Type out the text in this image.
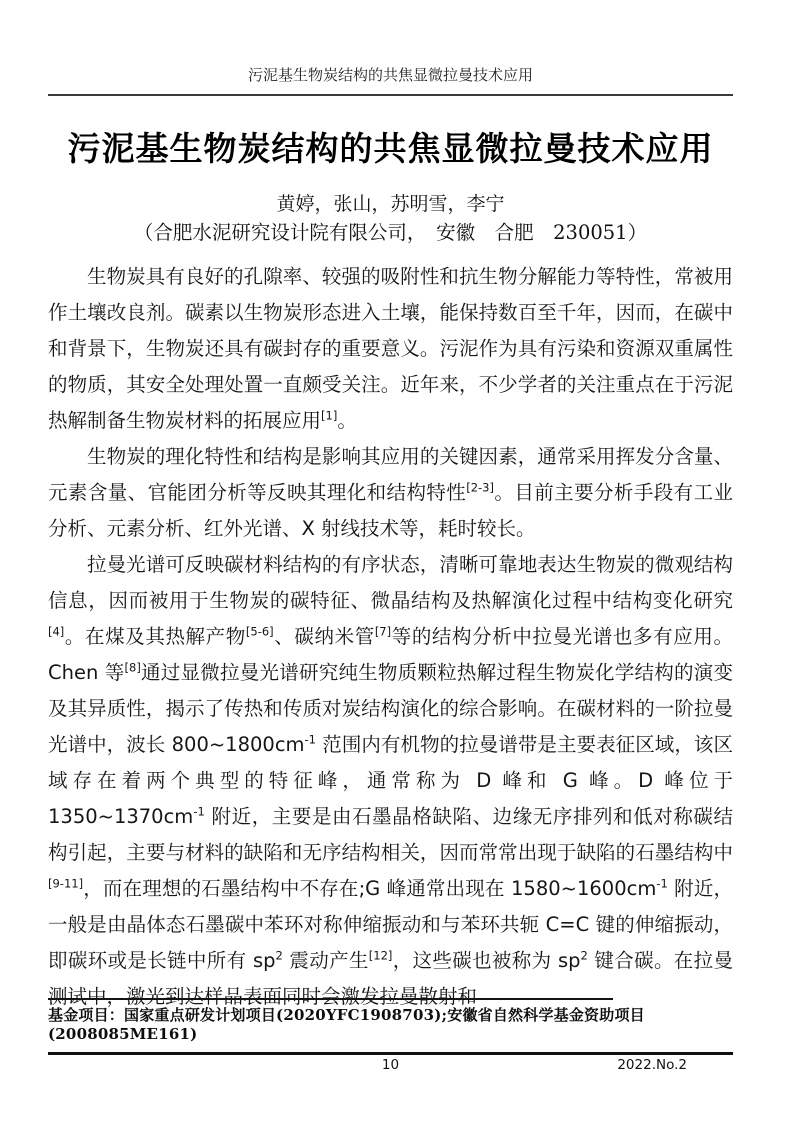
污泥基生物炭结构的共焦显微拉曼技术应用
污泥基生物炭结构的共焦显微拉曼技术应用
黄婷，张山，苏明雪，李宁
（合肥水泥研究设计院有限公司，　安徽　合肥　230051）

生物炭具有良好的孔隙率、较强的吸附性和抗生物分解能力等特性，常被用作土壤改良剂。碳素以生物炭形态进入土壤，能保持数百至千年，因而，在碳中和背景下，生物炭还具有碳封存的重要意义。污泥作为具有污染和资源双重属性的物质，其安全处理处置一直颇受关注。近年来，不少学者的关注重点在于污泥热解制备生物炭材料的拓展应用[1]。

生物炭的理化特性和结构是影响其应用的关键因素，通常采用挥发分含量、元素含量、官能团分析等反映其理化和结构特性[2-3]。目前主要分析手段有工业分析、元素分析、红外光谱、X 射线技术等，耗时较长。

拉曼光谱可反映碳材料结构的有序状态，清晰可靠地表达生物炭的微观结构信息，因而被用于生物炭的碳特征、微晶结构及热解演化过程中结构变化研究[4]。在煤及其热解产物[5-6]、碳纳米管[7]等的结构分析中拉曼光谱也多有应用。Chen 等[8]通过显微拉曼光谱研究纯生物质颗粒热解过程生物炭化学结构的演变及其异质性，揭示了传热和传质对炭结构演化的综合影响。在碳材料的一阶拉曼光谱中，波长 $800\sim 1800cm^{-1}$ 范围内有机物的拉曼谱带是主要表征区域，该区域存在着两个典型的特征峰，通常称为 D 峰和 G 峰。D 峰位于 $1350\sim 1370cm^{-1}$ 附近，主要是由石墨晶格缺陷、边缘无序排列和低对称碳结构引起，主要与材料的缺陷和无序结构相关，因而常常出现于缺陷的石墨结构中[9-11]，而在理想的石墨结构中不存在;G 峰通常出现在 $1580\sim 1600cm^{-1}$ 附近，一般是由晶体态石墨碳中苯环对称伸缩振动和与苯环共轭 C=C 键的伸缩振动，即碳环或是长链中所有 $sp^2$ 震动产生[12]，这些碳也被称为 $sp^2$ 键合碳。在拉曼测试中，激光到达样品表面同时会激发拉曼散射和

基金项目：国家重点研发计划项目(2020YFC1908703);安徽省自然科学基金资助项目(2008085ME161)
10	2022.No.2
